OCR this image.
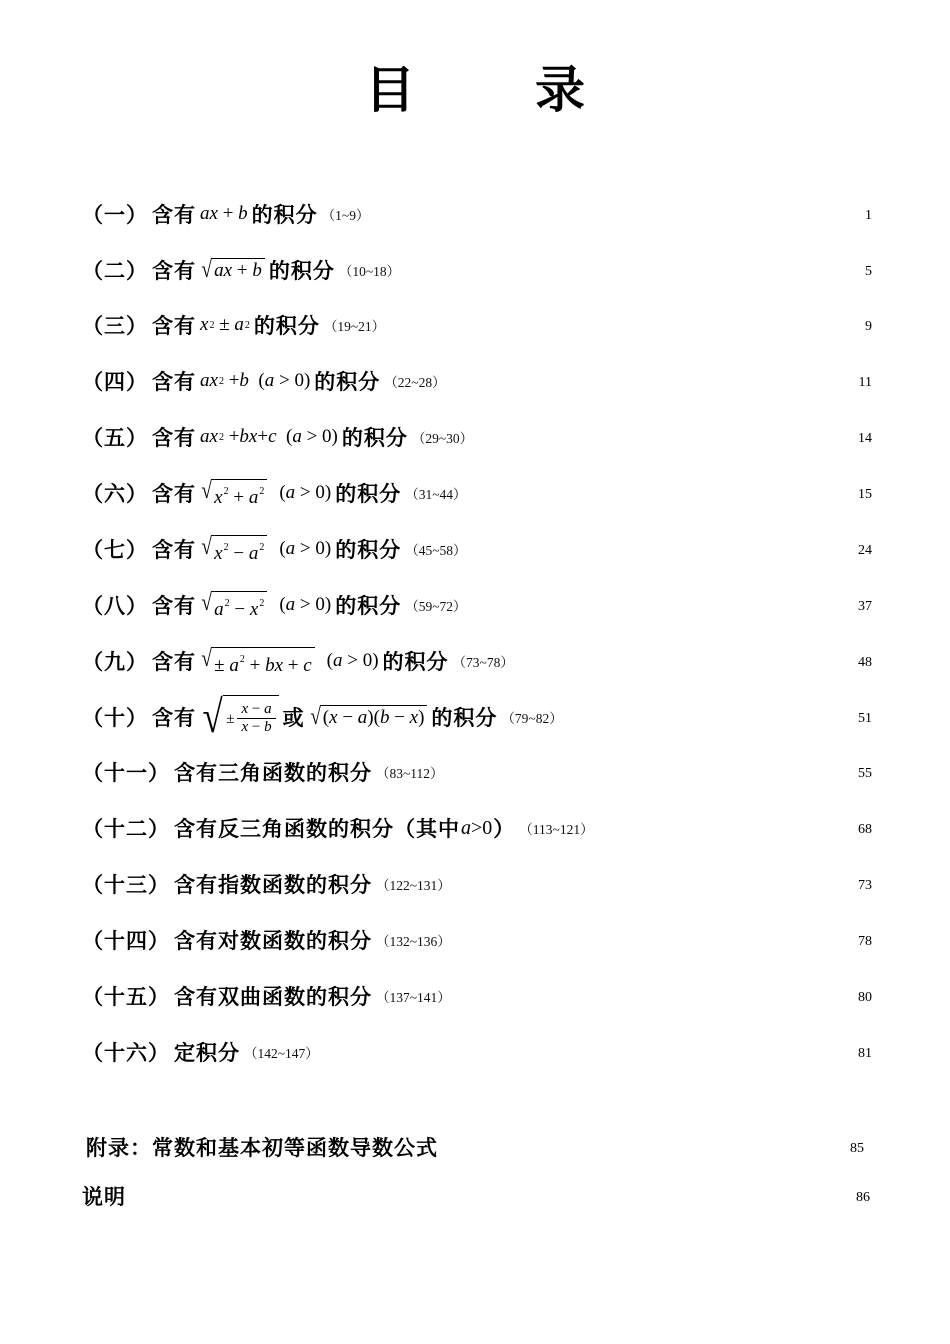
目 录
（一） 含有 ax + b 的积分 （1~9）	1
（二） 含有 √ ax + b 的积分 （10~18）	5
（三） 含有 x 2 ± a 2 的积分 （19~21）	9
（四） 含有 ax 2 + b ( a > 0) 的积分 （22~28）	11
（五） 含有 ax 2 + bx + c ( a > 0) 的积分 （29~30）	14
（六） 含有 √ $x^2 + a^2$ ( a > 0) 的积分 （31~44）	15
（七） 含有 √ $x^2 - a^2$ ( a > 0) 的积分 （45~58）	24
（八） 含有 √ $a^2 - x^2$ ( a > 0) 的积分 （59~72）	37
（九） 含有 √ ± $a^2$ + bx + c ( a > 0) 的积分 （73~78）	48
（十） 含有 √ ± $\frac{x - a}{x - b}$ 或 √ (x − a)(b − x) 的积分 （79~82）	51
（十一） 含有三角函数的积分 （83~112）	55
（十二） 含有反三角函数的积分（其中 a >0 ） （113~121）	68
（十三） 含有指数函数的积分 （122~131）	73
（十四） 含有对数函数的积分 （132~136）	78
（十五） 含有双曲函数的积分 （137~141）	80
（十六） 定积分 （142~147）	81
附录：常数和基本初等函数导数公式	85
说明	86
